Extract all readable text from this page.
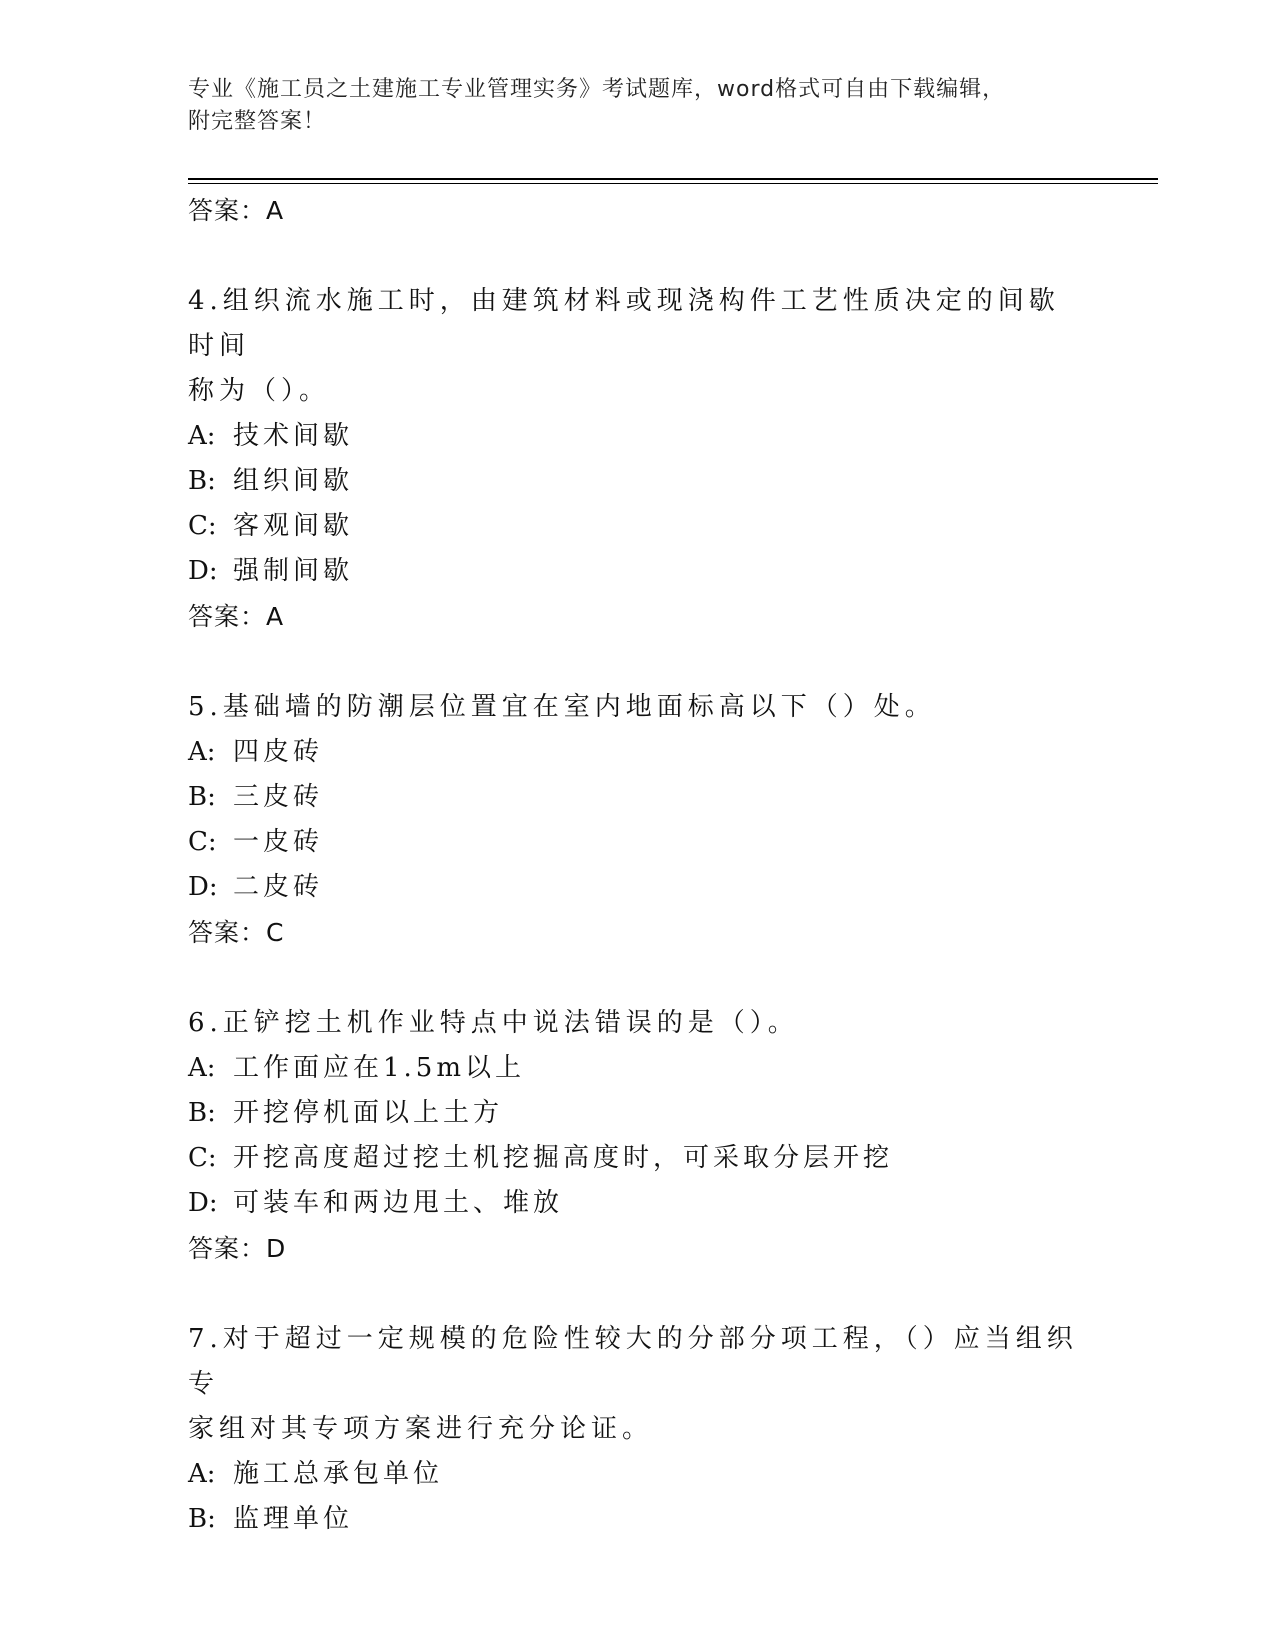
专业《施工员之土建施工专业管理实务》考试题库，word格式可自由下载编辑，
附完整答案！
答案：A
4.组织流水施工时，由建筑材料或现浇构件工艺性质决定的间歇时间
称为（）。
A: 技术间歇
B: 组织间歇
C: 客观间歇
D: 强制间歇
答案：A
5.基础墙的防潮层位置宜在室内地面标高以下（）处。
A: 四皮砖
B: 三皮砖
C: 一皮砖
D: 二皮砖
答案：C
6.正铲挖土机作业特点中说法错误的是（）。
A: 工作面应在1.5m以上
B: 开挖停机面以上土方
C: 开挖高度超过挖土机挖掘高度时，可采取分层开挖
D: 可装车和两边甩土、堆放
答案：D
7.对于超过一定规模的危险性较大的分部分项工程，（）应当组织专
家组对其专项方案进行充分论证。
A: 施工总承包单位
B: 监理单位
